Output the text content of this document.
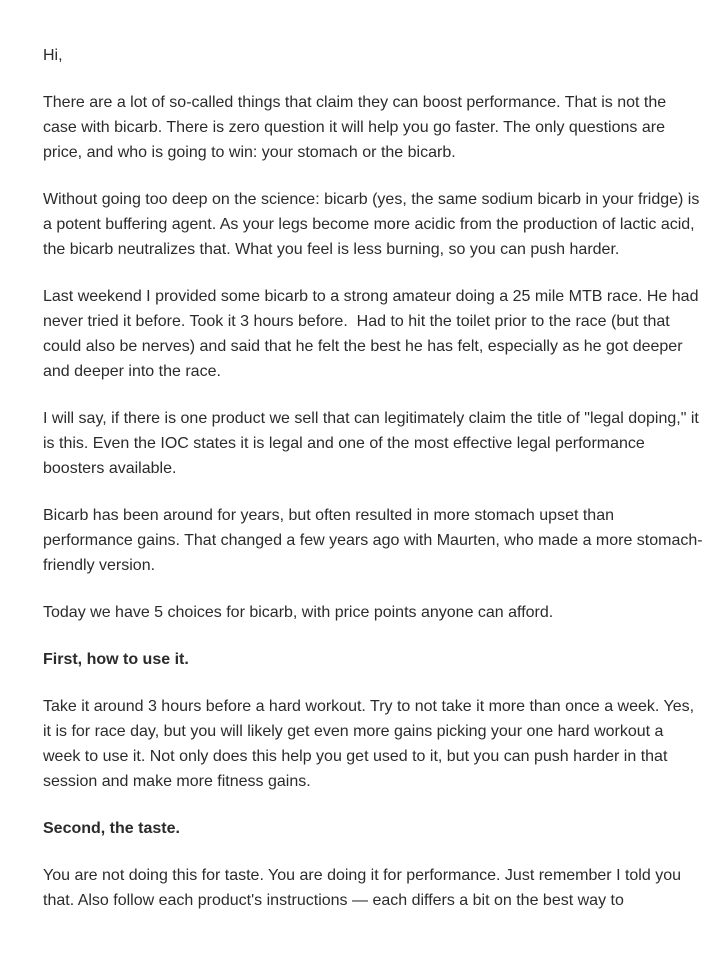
Hi,

There are a lot of so-called things that claim they can boost performance. That is not the case with bicarb. There is zero question it will help you go faster. The only questions are price, and who is going to win: your stomach or the bicarb.

Without going too deep on the science: bicarb (yes, the same sodium bicarb in your fridge) is a potent buffering agent. As your legs become more acidic from the production of lactic acid, the bicarb neutralizes that. What you feel is less burning, so you can push harder.

Last weekend I provided some bicarb to a strong amateur doing a 25 mile MTB race. He had never tried it before. Took it 3 hours before.  Had to hit the toilet prior to the race (but that could also be nerves) and said that he felt the best he has felt, especially as he got deeper and deeper into the race.

I will say, if there is one product we sell that can legitimately claim the title of "legal doping," it is this. Even the IOC states it is legal and one of the most effective legal performance boosters available.

Bicarb has been around for years, but often resulted in more stomach upset than performance gains. That changed a few years ago with Maurten, who made a more stomach-friendly version.

Today we have 5 choices for bicarb, with price points anyone can afford.

First, how to use it.

Take it around 3 hours before a hard workout. Try to not take it more than once a week. Yes, it is for race day, but you will likely get even more gains picking your one hard workout a week to use it. Not only does this help you get used to it, but you can push harder in that session and make more fitness gains.

Second, the taste.

You are not doing this for taste. You are doing it for performance. Just remember I told you that. Also follow each product's instructions — each differs a bit on the best way to
